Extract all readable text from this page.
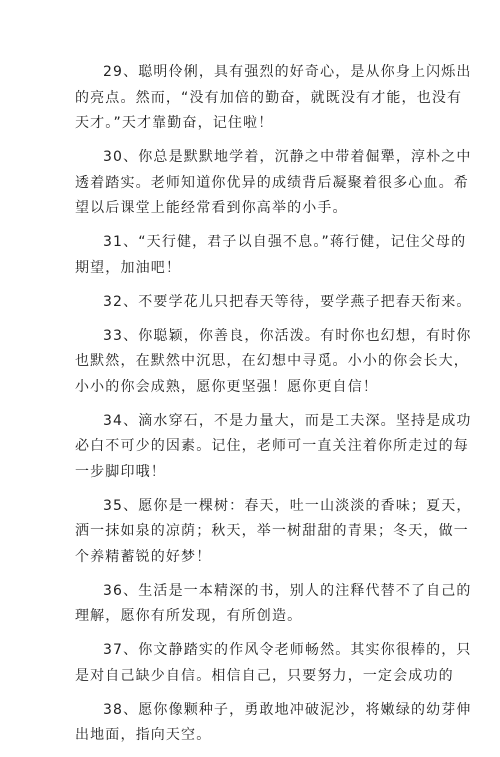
29、聪明伶俐，具有强烈的好奇心，是从你身上闪烁出
的亮点。然而，“没有加倍的勤奋，就既没有才能，也没有
天才。”天才靠勤奋，记住啦！

30、你总是默默地学着，沉静之中带着倔犟，淳朴之中
透着踏实。老师知道你优异的成绩背后凝聚着很多心血。希
望以后课堂上能经常看到你高举的小手。

31、“天行健，君子以自强不息。”蒋行健，记住父母的
期望，加油吧！

32、不要学花儿只把春天等待，要学燕子把春天衔来。

33、你聪颖，你善良，你活泼。有时你也幻想，有时你
也默然，在默然中沉思，在幻想中寻觅。小小的你会长大，
小小的你会成熟，愿你更坚强！愿你更自信！

34、滴水穿石，不是力量大，而是工夫深。坚持是成功
必白不可少的因素。记住，老师可一直关注着你所走过的每
一步脚印哦！

35、愿你是一棵树：春天，吐一山淡淡的香味；夏天，
洒一抹如泉的凉荫；秋天，举一树甜甜的青果；冬天，做一
个养精蓄锐的好梦！

36、生活是一本精深的书，别人的注释代替不了自己的
理解，愿你有所发现，有所创造。

37、你文静踏实的作风令老师畅然。其实你很棒的，只
是对自己缺少自信。相信自己，只要努力，一定会成功的

38、愿你像颗种子，勇敢地冲破泥沙，将嫩绿的幼芽伸
出地面，指向天空。
